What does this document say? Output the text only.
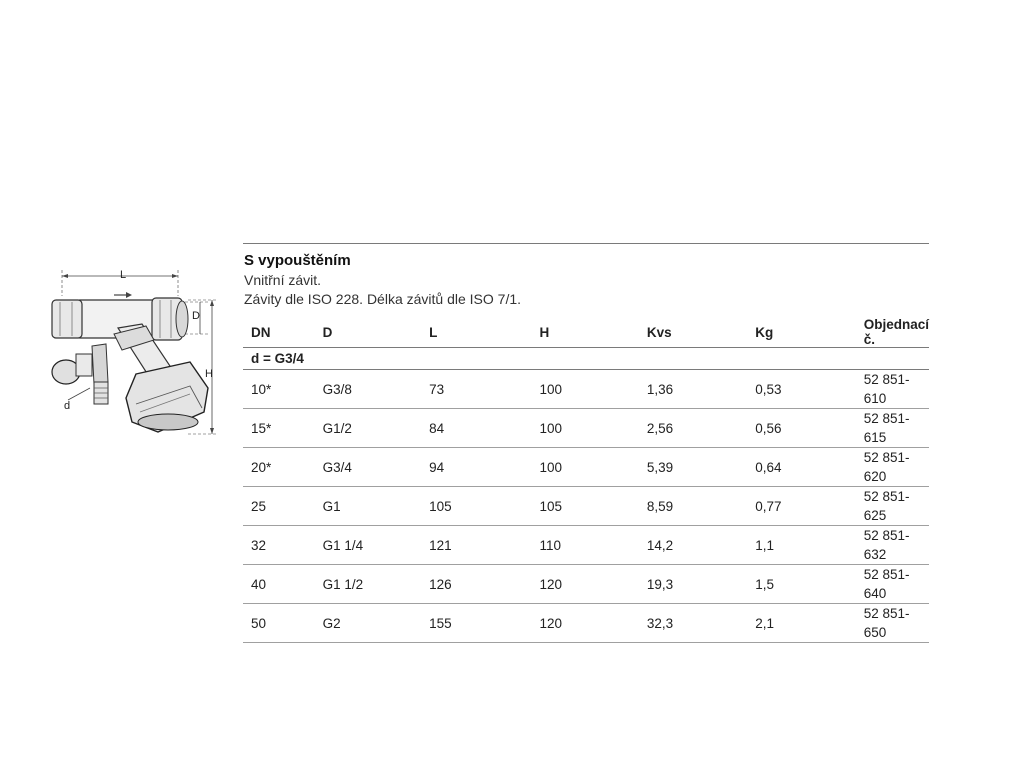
L
D
H
d
S vypouštěním
Vnitřní závit.
Závity dle ISO 228. Délka závitů dle ISO 7/1.
DN	D	L	H	Kvs	Kg	Objednací č.
d = G3/4						
10*	G3/8	73	100	1,36	0,53	52 851-610
15*	G1/2	84	100	2,56	0,56	52 851-615
20*	G3/4	94	100	5,39	0,64	52 851-620
25	G1	105	105	8,59	0,77	52 851-625
32	G1 1/4	121	110	14,2	1,1	52 851-632
40	G1 1/2	126	120	19,3	1,5	52 851-640
50	G2	155	120	32,3	2,1	52 851-650
